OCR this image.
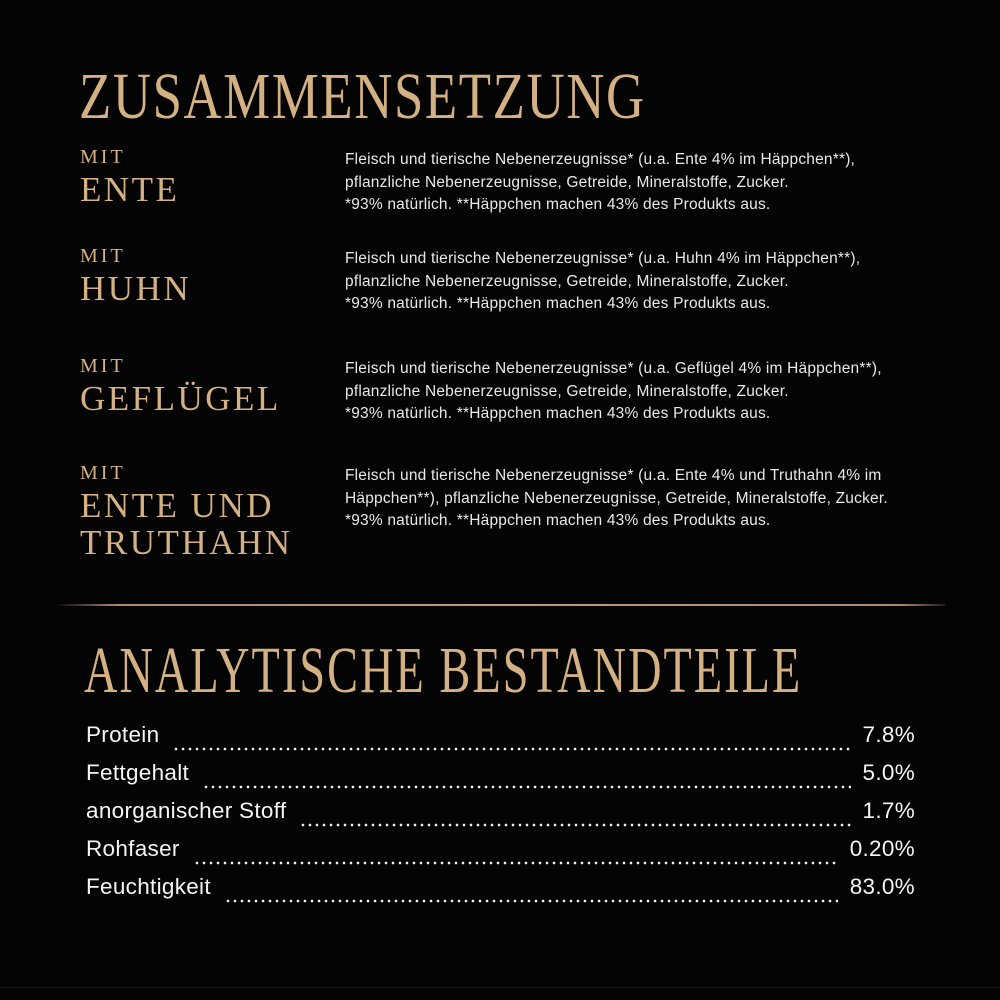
ZUSAMMENSETZUNG
MIT
ENTE
Fleisch und tierische Nebenerzeugnisse* (u.a. Ente 4% im Häppchen**),
pflanzliche Nebenerzeugnisse, Getreide, Mineralstoffe, Zucker.
*93% natürlich. **Häppchen machen 43% des Produkts aus.
MIT
HUHN
Fleisch und tierische Nebenerzeugnisse* (u.a. Huhn 4% im Häppchen**),
pflanzliche Nebenerzeugnisse, Getreide, Mineralstoffe, Zucker.
*93% natürlich. **Häppchen machen 43% des Produkts aus.
MIT
GEFLÜGEL
Fleisch und tierische Nebenerzeugnisse* (u.a. Geflügel 4% im Häppchen**),
pflanzliche Nebenerzeugnisse, Getreide, Mineralstoffe, Zucker.
*93% natürlich. **Häppchen machen 43% des Produkts aus.
MIT
ENTE UND TRUTHAHN
Fleisch und tierische Nebenerzeugnisse* (u.a. Ente 4% und Truthahn 4% im
Häppchen**), pflanzliche Nebenerzeugnisse, Getreide, Mineralstoffe, Zucker.
*93% natürlich. **Häppchen machen 43% des Produkts aus.
ANALYTISCHE BESTANDTEILE
Protein	7.8%
Fettgehalt	5.0%
anorganischer Stoff	1.7%
Rohfaser	0.20%
Feuchtigkeit	83.0%
